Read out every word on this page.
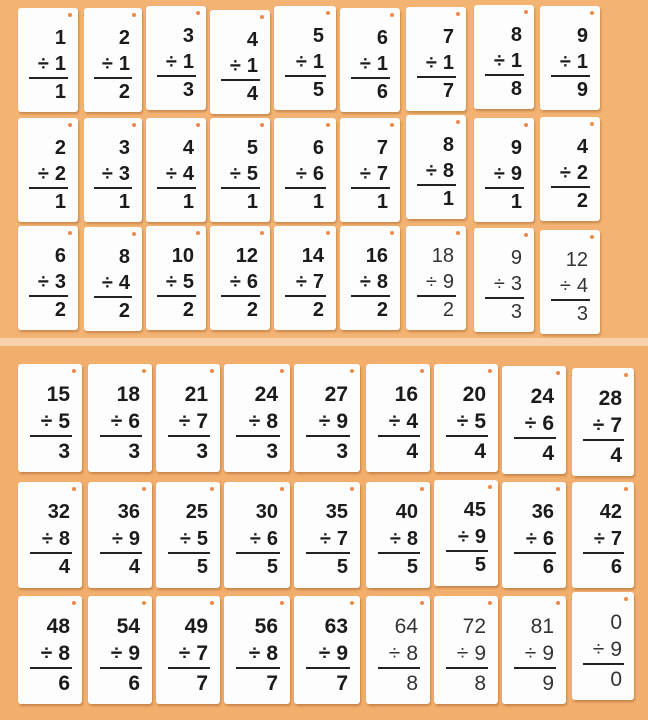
1
÷ 1
1
2
÷ 1
2
3
÷ 1
3
4
÷ 1
4
5
÷ 1
5
6
÷ 1
6
7
÷ 1
7
8
÷ 1
8
9
÷ 1
9
2
÷ 2
1
3
÷ 3
1
4
÷ 4
1
5
÷ 5
1
6
÷ 6
1
7
÷ 7
1
8
÷ 8
1
9
÷ 9
1
4
÷ 2
2
6
÷ 3
2
8
÷ 4
2
10
÷ 5
2
12
÷ 6
2
14
÷ 7
2
16
÷ 8
2
18
÷ 9
2
9
÷ 3
3
12
÷ 4
3
15
÷ 5
3
18
÷ 6
3
21
÷ 7
3
24
÷ 8
3
27
÷ 9
3
16
÷ 4
4
20
÷ 5
4
24
÷ 6
4
28
÷ 7
4
32
÷ 8
4
36
÷ 9
4
25
÷ 5
5
30
÷ 6
5
35
÷ 7
5
40
÷ 8
5
45
÷ 9
5
36
÷ 6
6
42
÷ 7
6
48
÷ 8
6
54
÷ 9
6
49
÷ 7
7
56
÷ 8
7
63
÷ 9
7
64
÷ 8
8
72
÷ 9
8
81
÷ 9
9
0
÷ 9
0
